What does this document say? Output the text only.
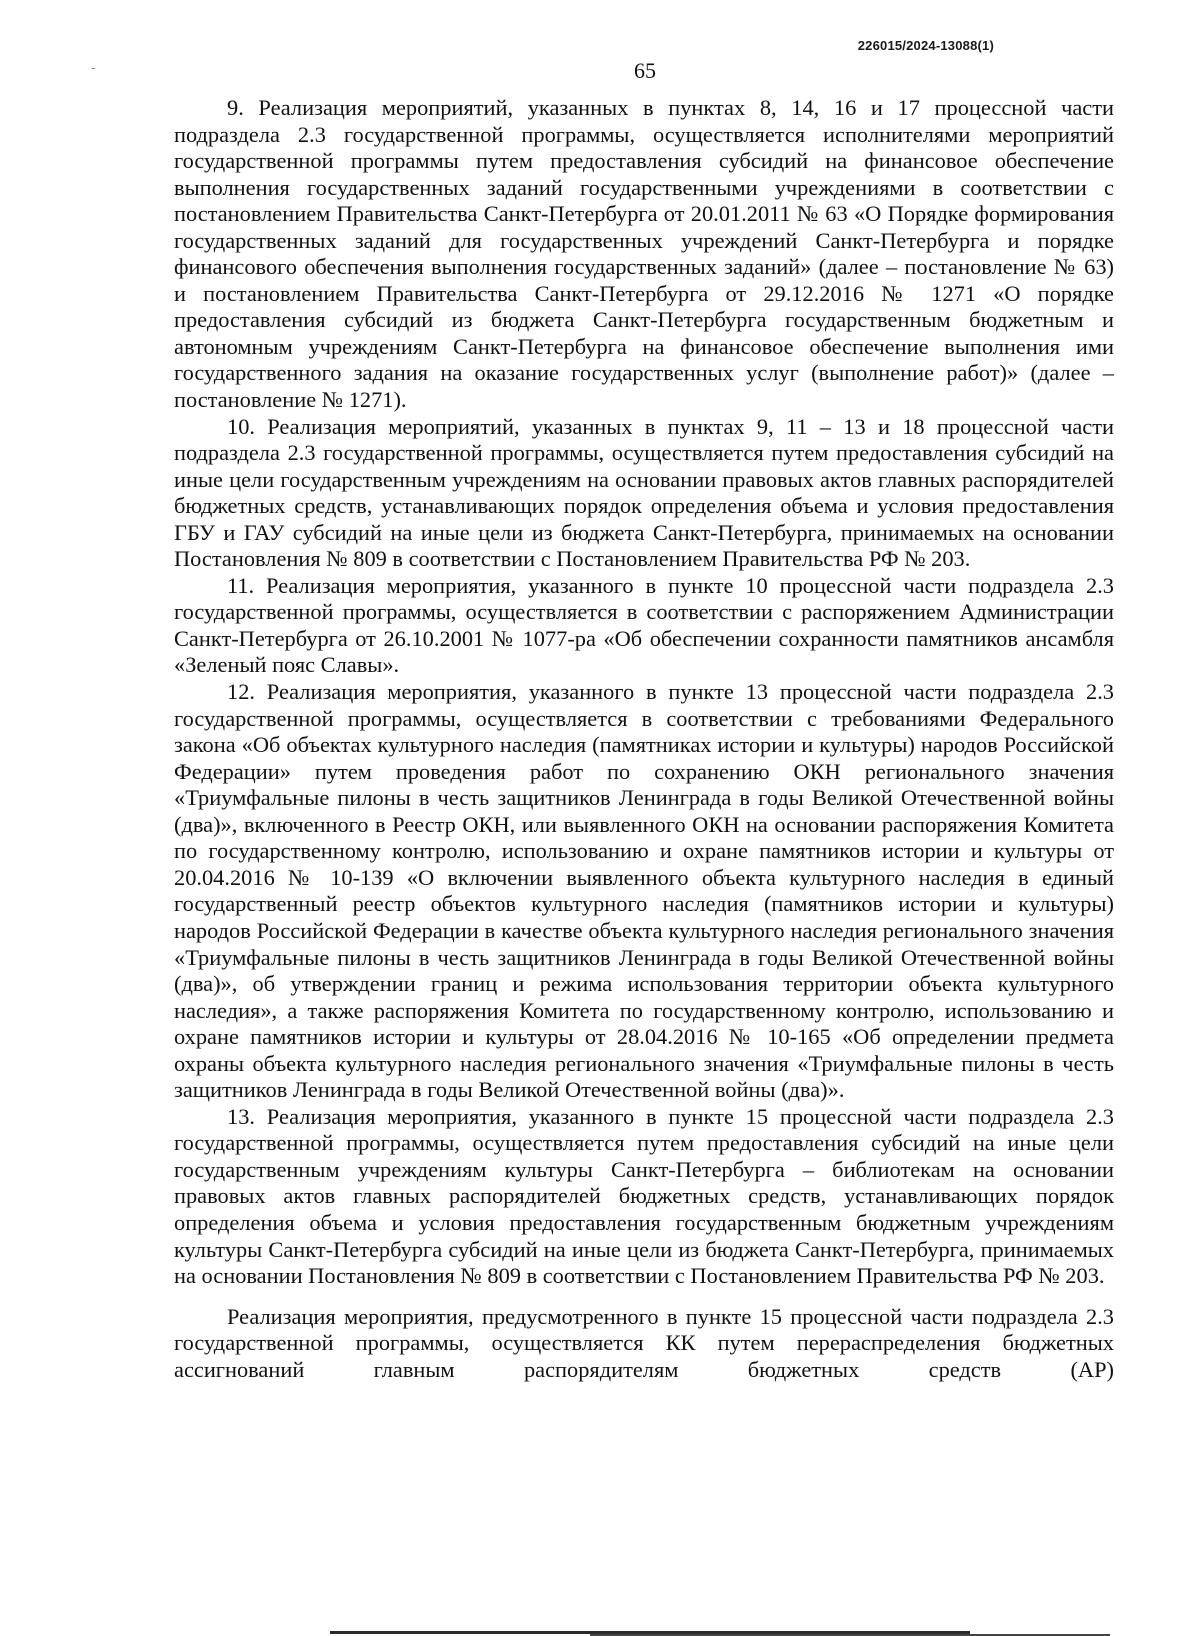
226015/2024-13088(1)
65

9. Реализация мероприятий, указанных в пунктах 8, 14, 16 и 17 процессной части подраздела 2.3 государственной программы, осуществляется исполнителями мероприятий государственной программы путем предоставления субсидий на финансовое обеспечение выполнения государственных заданий государственными учреждениями в соответствии с постановлением Правительства Санкт-Петербурга от 20.01.2011 № 63 «О Порядке формирования государственных заданий для государственных учреждений Санкт-Петербурга и порядке финансового обеспечения выполнения государственных заданий» (далее – постановление № 63) и постановлением Правительства Санкт-Петербурга от 29.12.2016 № 1271 «О порядке предоставления субсидий из бюджета Санкт-Петербурга государственным бюджетным и автономным учреждениям Санкт-Петербурга на финансовое обеспечение выполнения ими государственного задания на оказание государственных услуг (выполнение работ)» (далее – постановление № 1271).

10. Реализация мероприятий, указанных в пунктах 9, 11 – 13 и 18 процессной части подраздела 2.3 государственной программы, осуществляется путем предоставления субсидий на иные цели государственным учреждениям на основании правовых актов главных распорядителей бюджетных средств, устанавливающих порядок определения объема и условия предоставления ГБУ и ГАУ субсидий на иные цели из бюджета Санкт-Петербурга, принимаемых на основании Постановления № 809 в соответствии с Постановлением Правительства РФ № 203.

11. Реализация мероприятия, указанного в пункте 10 процессной части подраздела 2.3 государственной программы, осуществляется в соответствии с распоряжением Администрации Санкт-Петербурга от 26.10.2001 № 1077-ра «Об обеспечении сохранности памятников ансамбля «Зеленый пояс Славы».

12. Реализация мероприятия, указанного в пункте 13 процессной части подраздела 2.3 государственной программы, осуществляется в соответствии с требованиями Федерального закона «Об объектах культурного наследия (памятниках истории и культуры) народов Российской Федерации» путем проведения работ по сохранению ОКН регионального значения «Триумфальные пилоны в честь защитников Ленинграда в годы Великой Отечественной войны (два)», включенного в Реестр ОКН, или выявленного ОКН на основании распоряжения Комитета по государственному контролю, использованию и охране памятников истории и культуры от 20.04.2016 № 10-139 «О включении выявленного объекта культурного наследия в единый государственный реестр объектов культурного наследия (памятников истории и культуры) народов Российской Федерации в качестве объекта культурного наследия регионального значения «Триумфальные пилоны в честь защитников Ленинграда в годы Великой Отечественной войны (два)», об утверждении границ и режима использования территории объекта культурного наследия», а также распоряжения Комитета по государственному контролю, использованию и охране памятников истории и культуры от 28.04.2016 № 10-165 «Об определении предмета охраны объекта культурного наследия регионального значения «Триумфальные пилоны в честь защитников Ленинграда в годы Великой Отечественной войны (два)».

13. Реализация мероприятия, указанного в пункте 15 процессной части подраздела 2.3 государственной программы, осуществляется путем предоставления субсидий на иные цели государственным учреждениям культуры Санкт-Петербурга – библиотекам на основании правовых актов главных распорядителей бюджетных средств, устанавливающих порядок определения объема и условия предоставления государственным бюджетным учреждениям культуры Санкт-Петербурга субсидий на иные цели из бюджета Санкт-Петербурга, принимаемых на основании Постановления № 809 в соответствии с Постановлением Правительства РФ № 203.

Реализация мероприятия, предусмотренного в пункте 15 процессной части подраздела 2.3 государственной программы, осуществляется КК путем перераспределения бюджетных ассигнований главным распорядителям бюджетных средств (АР)
